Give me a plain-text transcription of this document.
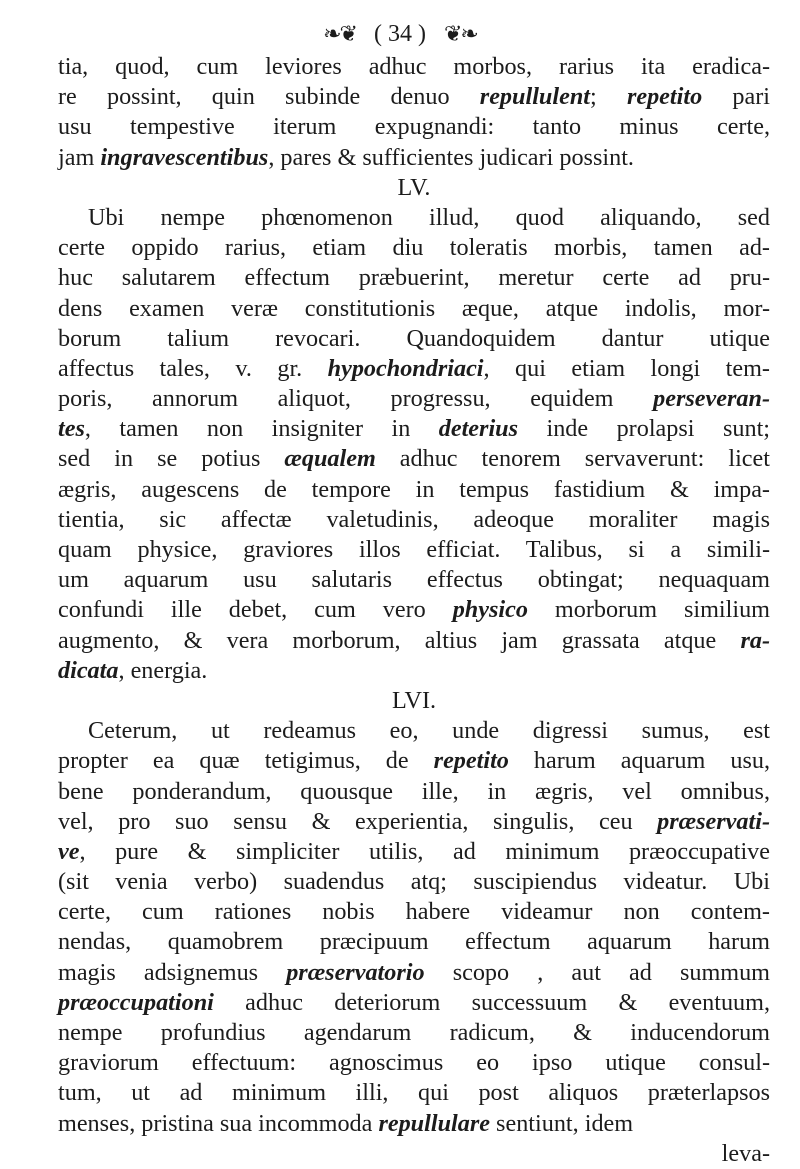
❧❦ ( 34 ) ❦❧
tia, quod, cum leviores adhuc morbos, rarius ita eradica-
re possint, quin subinde denuo repullulent; repetito pari
usu tempestive iterum expugnandi: tanto minus certe,
jam ingravescentibus, pares & sufficientes judicari possint.
LV.
Ubi nempe phœnomenon illud, quod aliquando, sed
certe oppido rarius, etiam diu toleratis morbis, tamen ad-
huc salutarem effectum præbuerint, meretur certe ad pru-
dens examen veræ constitutionis æque, atque indolis, mor-
borum talium revocari. Quandoquidem dantur utique
affectus tales, v. gr. hypochondriaci, qui etiam longi tem-
poris, annorum aliquot, progressu, equidem perseveran-
tes, tamen non insigniter in deterius inde prolapsi sunt;
sed in se potius æqualem adhuc tenorem servaverunt: licet
ægris, augescens de tempore in tempus fastidium & impa-
tientia, sic affectæ valetudinis, adeoque moraliter magis
quam physice, graviores illos efficiat. Talibus, si a simili-
um aquarum usu salutaris effectus obtingat; nequaquam
confundi ille debet, cum vero physico morborum similium
augmento, & vera morborum, altius jam grassata atque ra-
dicata, energia.
LVI.
Ceterum, ut redeamus eo, unde digressi sumus, est
propter ea quæ tetigimus, de repetito harum aquarum usu,
bene ponderandum, quousque ille, in ægris, vel omnibus,
vel, pro suo sensu & experientia, singulis, ceu præservati-
ve, pure & simpliciter utilis, ad minimum præoccupative
(sit venia verbo) suadendus atq; suscipiendus videatur. Ubi
certe, cum rationes nobis habere videamur non contem-
nendas, quamobrem præcipuum effectum aquarum harum
magis adsignemus præservatorio scopo , aut ad summum
præoccupationi adhuc deteriorum successuum & eventuum,
nempe profundius agendarum radicum, & inducendorum
graviorum effectuum: agnoscimus eo ipso utique consul-
tum, ut ad minimum illi, qui post aliquos prӕterlapsos
menses, pristina sua incommoda repullulare sentiunt, idem
leva-
